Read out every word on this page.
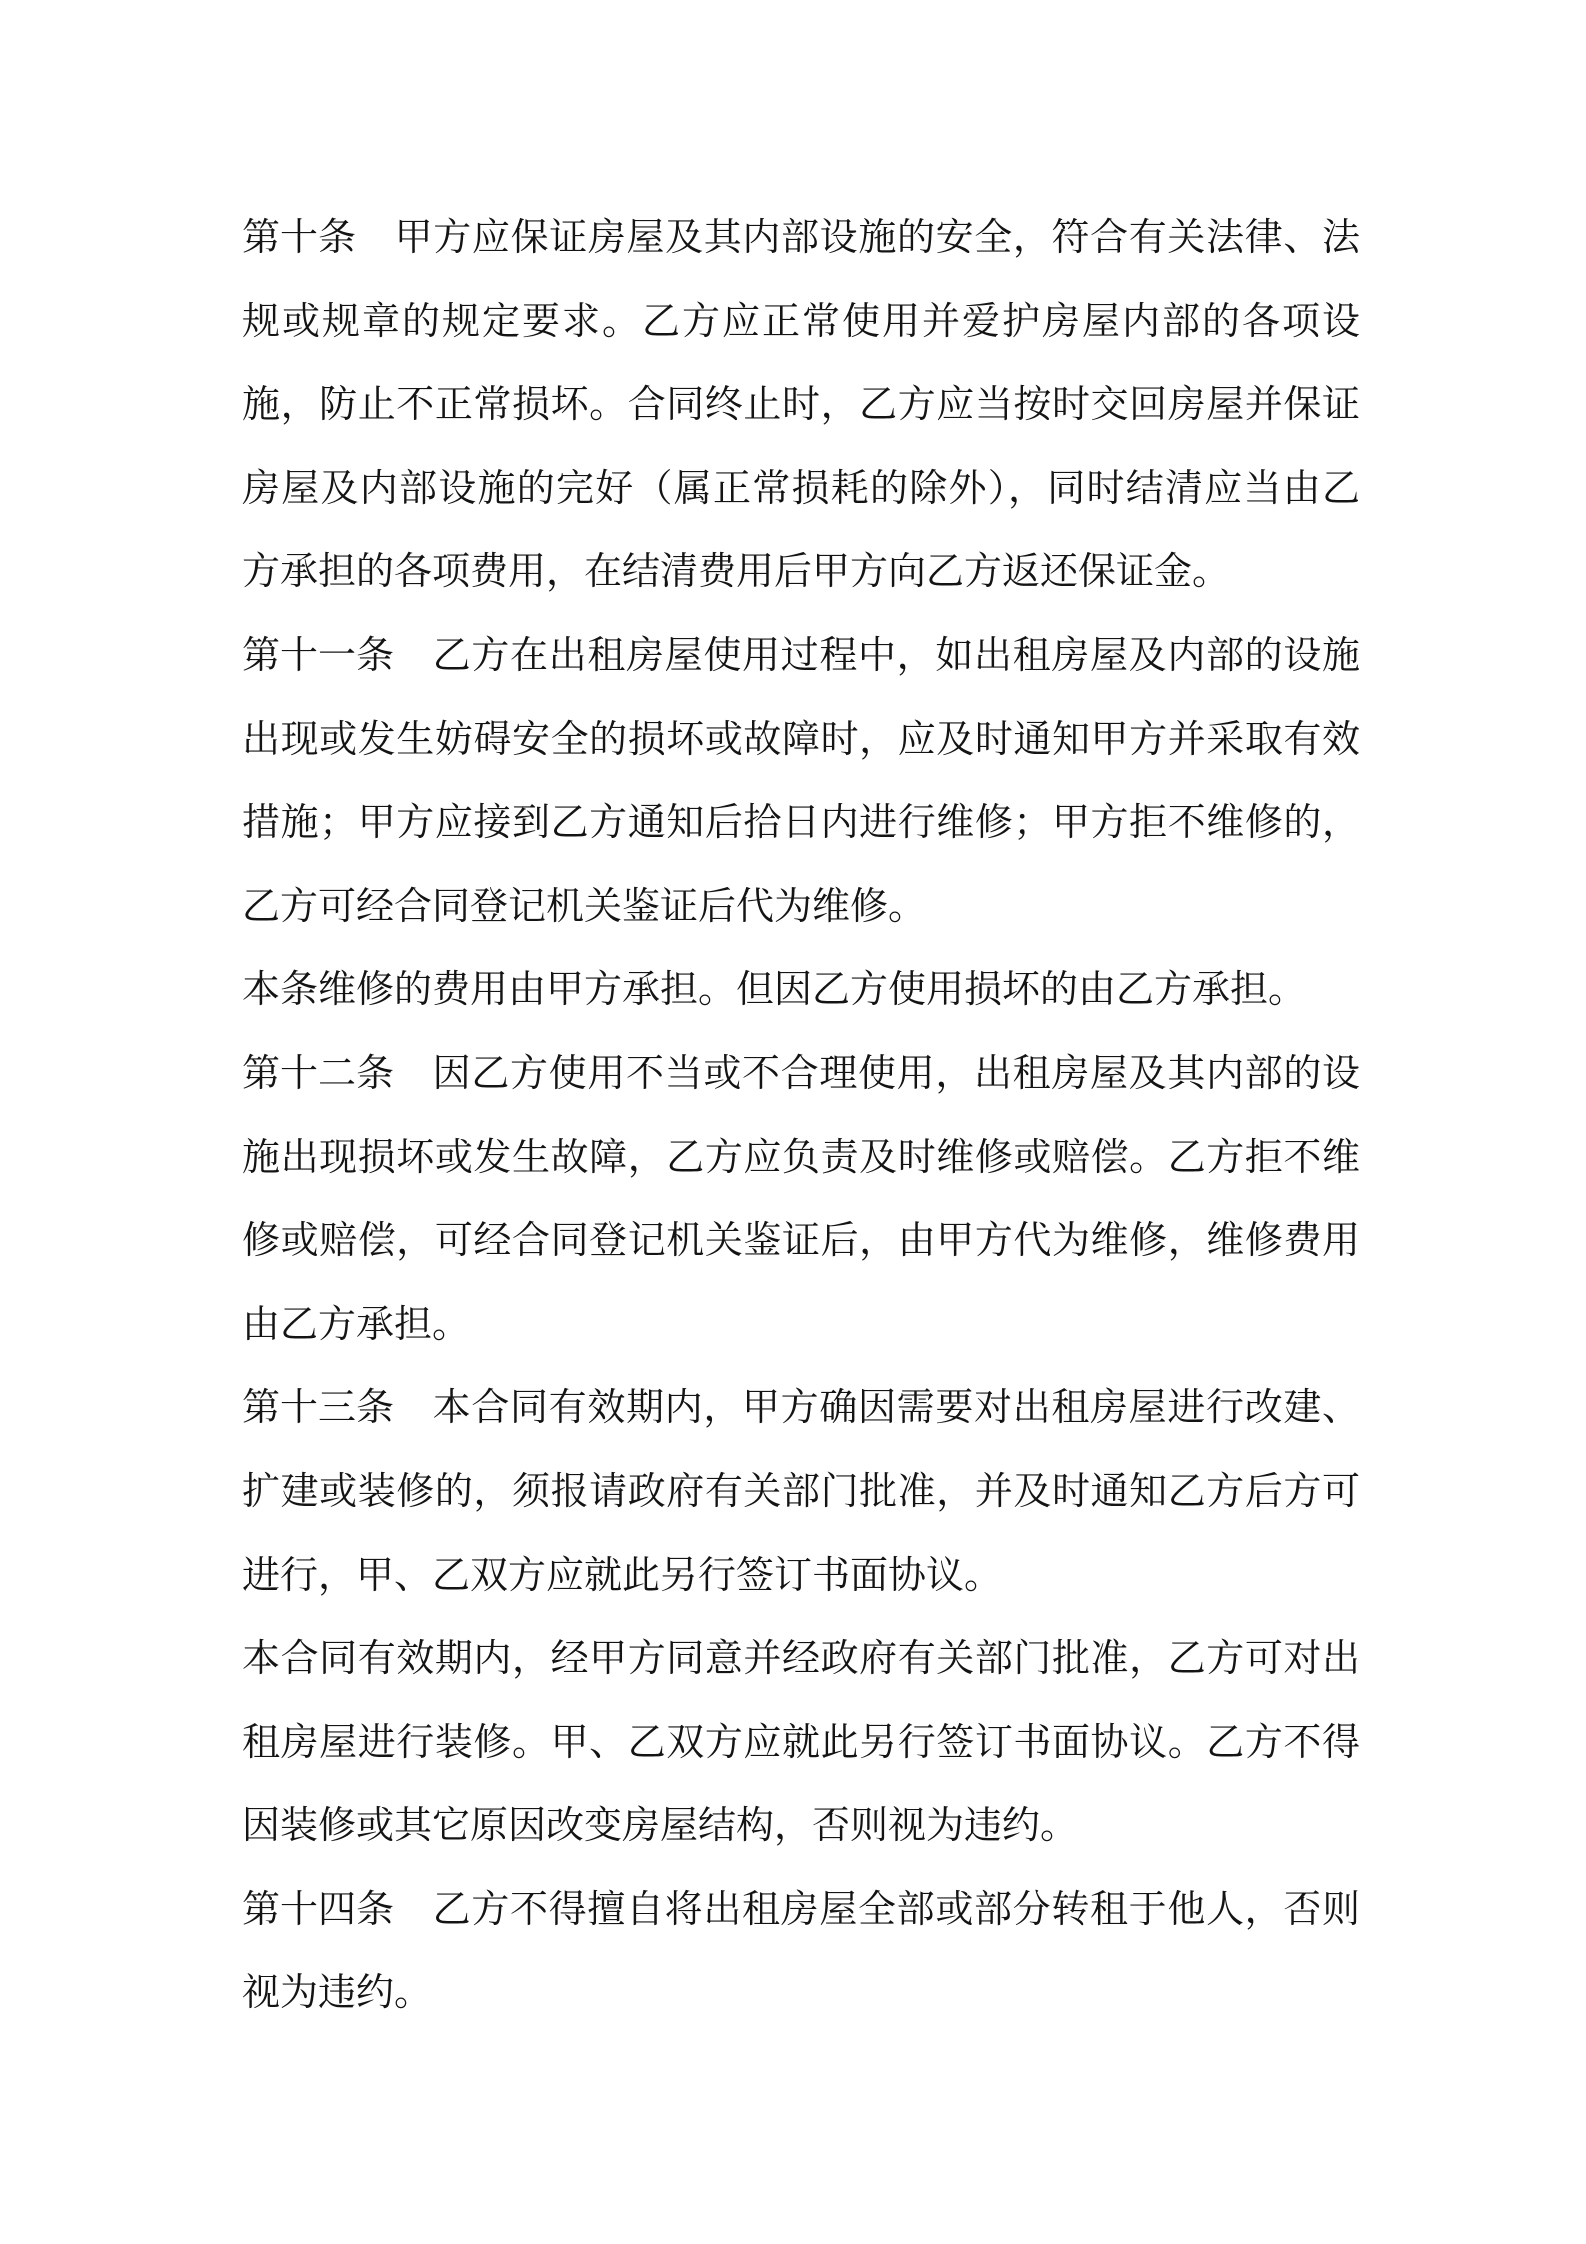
第十条 甲方应保证房屋及其内部设施的安全，符合有关法律、法规或规章的规定要求。乙方应正常使用并爱护房屋内部的各项设施，防止不正常损坏。合同终止时，乙方应当按时交回房屋并保证房屋及内部设施的完好（属正常损耗的除外），同时结清应当由乙方承担的各项费用，在结清费用后甲方向乙方返还保证金。

第十一条 乙方在出租房屋使用过程中，如出租房屋及内部的设施出现或发生妨碍安全的损坏或故障时，应及时通知甲方并采取有效措施；甲方应接到乙方通知后拾日内进行维修；甲方拒不维修的，乙方可经合同登记机关鉴证后代为维修。

本条维修的费用由甲方承担。但因乙方使用损坏的由乙方承担。

第十二条 因乙方使用不当或不合理使用，出租房屋及其内部的设施出现损坏或发生故障，乙方应负责及时维修或赔偿。乙方拒不维修或赔偿，可经合同登记机关鉴证后，由甲方代为维修，维修费用由乙方承担。

第十三条 本合同有效期内，甲方确因需要对出租房屋进行改建、扩建或装修的，须报请政府有关部门批准，并及时通知乙方后方可进行，甲、乙双方应就此另行签订书面协议。

本合同有效期内，经甲方同意并经政府有关部门批准，乙方可对出租房屋进行装修。甲、乙双方应就此另行签订书面协议。乙方不得因装修或其它原因改变房屋结构，否则视为违约。

第十四条 乙方不得擅自将出租房屋全部或部分转租于他人，否则视为违约。
